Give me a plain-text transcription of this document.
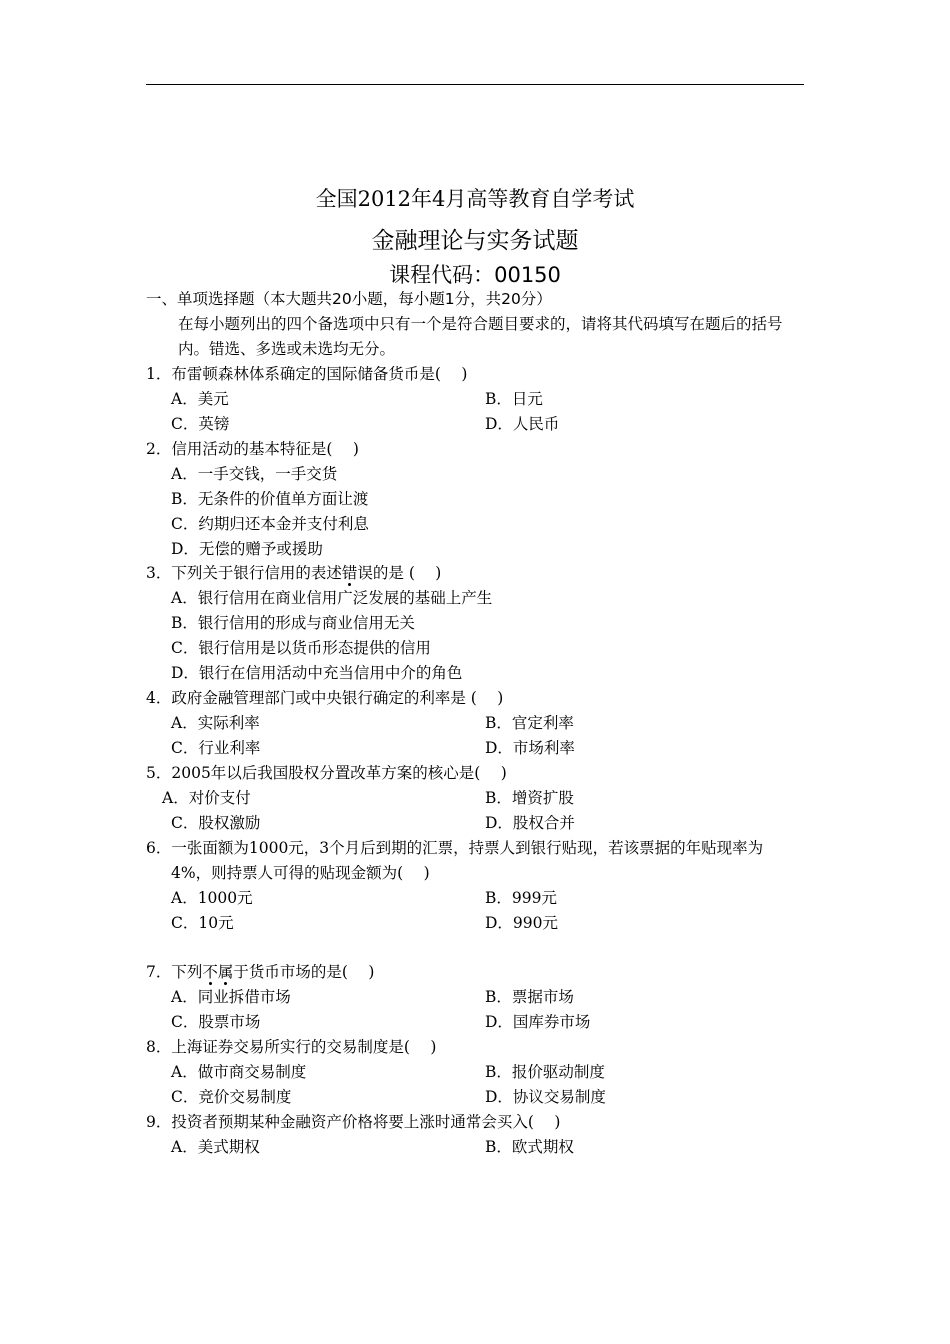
全国2012年4月高等教育自学考试
金融理论与实务试题
课程代码：00150
一、单项选择题（本大题共20小题，每小题1分，共20分）
在每小题列出的四个备选项中只有一个是符合题目要求的，请将其代码填写在题后的括号内。错选、多选或未选均无分。
1．布雷顿森林体系确定的国际储备货币是(　 )
A．美元	B．日元
C．英镑	D．人民币
2．信用活动的基本特征是(　 )
A．一手交钱，一手交货
B．无条件的价值单方面让渡
C．约期归还本金并支付利息
D．无偿的赠予或援助
3．下列关于银行信用的表述错误的是 (　 )
A．银行信用在商业信用广泛发展的基础上产生
B．银行信用的形成与商业信用无关
C．银行信用是以货币形态提供的信用
D．银行在信用活动中充当信用中介的角色
4．政府金融管理部门或中央银行确定的利率是 (　 )
A．实际利率	B．官定利率
C．行业利率	D．市场利率
5．2005年以后我国股权分置改革方案的核心是(　 )
A．对价支付	B．增资扩股
C．股权激励	D．股权合并
6．一张面额为1000元，3个月后到期的汇票，持票人到银行贴现，若该票据的年贴现率为
4%，则持票人可得的贴现金额为(　 )
A．1000元	B．999元
C．10元	D．990元
7．下列不属于货币市场的是(　 )
A．同业拆借市场	B．票据市场
C．股票市场	D．国库券市场
8．上海证券交易所实行的交易制度是(　 )
A．做市商交易制度	B．报价驱动制度
C．竞价交易制度	D．协议交易制度
9．投资者预期某种金融资产价格将要上涨时通常会买入(　 )
A．美式期权	B．欧式期权
